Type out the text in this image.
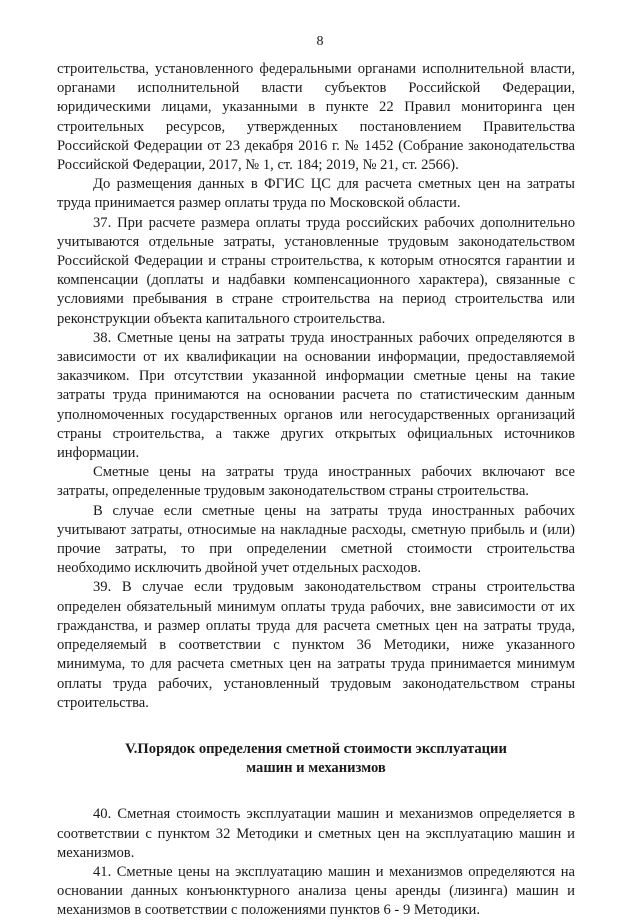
8

строительства, установленного федеральными органами исполнительной власти, органами исполнительной власти субъектов Российской Федерации, юридическими лицами, указанными в пункте 22 Правил мониторинга цен строительных ресурсов, утвержденных постановлением Правительства Российской Федерации от 23 декабря 2016 г. № 1452 (Собрание законодательства Российской Федерации, 2017, № 1, ст. 184; 2019, № 21, ст. 2566).

До размещения данных в ФГИС ЦС для расчета сметных цен на затраты труда принимается размер оплаты труда по Московской области.

37. При расчете размера оплаты труда российских рабочих дополнительно учитываются отдельные затраты, установленные трудовым законодательством Российской Федерации и страны строительства, к которым относятся гарантии и компенсации (доплаты и надбавки компенсационного характера), связанные с условиями пребывания в стране строительства на период строительства или реконструкции объекта капитального строительства.

38. Сметные цены на затраты труда иностранных рабочих определяются в зависимости от их квалификации на основании информации, предоставляемой заказчиком. При отсутствии указанной информации сметные цены на такие затраты труда принимаются на основании расчета по статистическим данным уполномоченных государственных органов или негосударственных организаций страны строительства, а также других открытых официальных источников информации.

Сметные цены на затраты труда иностранных рабочих включают все затраты, определенные трудовым законодательством страны строительства.

В случае если сметные цены на затраты труда иностранных рабочих учитывают затраты, относимые на накладные расходы, сметную прибыль и (или) прочие затраты, то при определении сметной стоимости строительства необходимо исключить двойной учет отдельных расходов.

39. В случае если трудовым законодательством страны строительства определен обязательный минимум оплаты труда рабочих, вне зависимости от их гражданства, и размер оплаты труда для расчета сметных цен на затраты труда, определяемый в соответствии с пунктом 36 Методики, ниже указанного минимума, то для расчета сметных цен на затраты труда принимается минимум оплаты труда рабочих, установленный трудовым законодательством страны строительства.

V.Порядок определения сметной стоимости эксплуатации
машин и механизмов

40. Сметная стоимость эксплуатации машин и механизмов определяется в соответствии с пунктом 32 Методики и сметных цен на эксплуатацию машин и механизмов.

41. Сметные цены на эксплуатацию машин и механизмов определяются на основании данных конъюнктурного анализа цены аренды (лизинга) машин и механизмов в соответствии с положениями пунктов 6 - 9 Методики.
